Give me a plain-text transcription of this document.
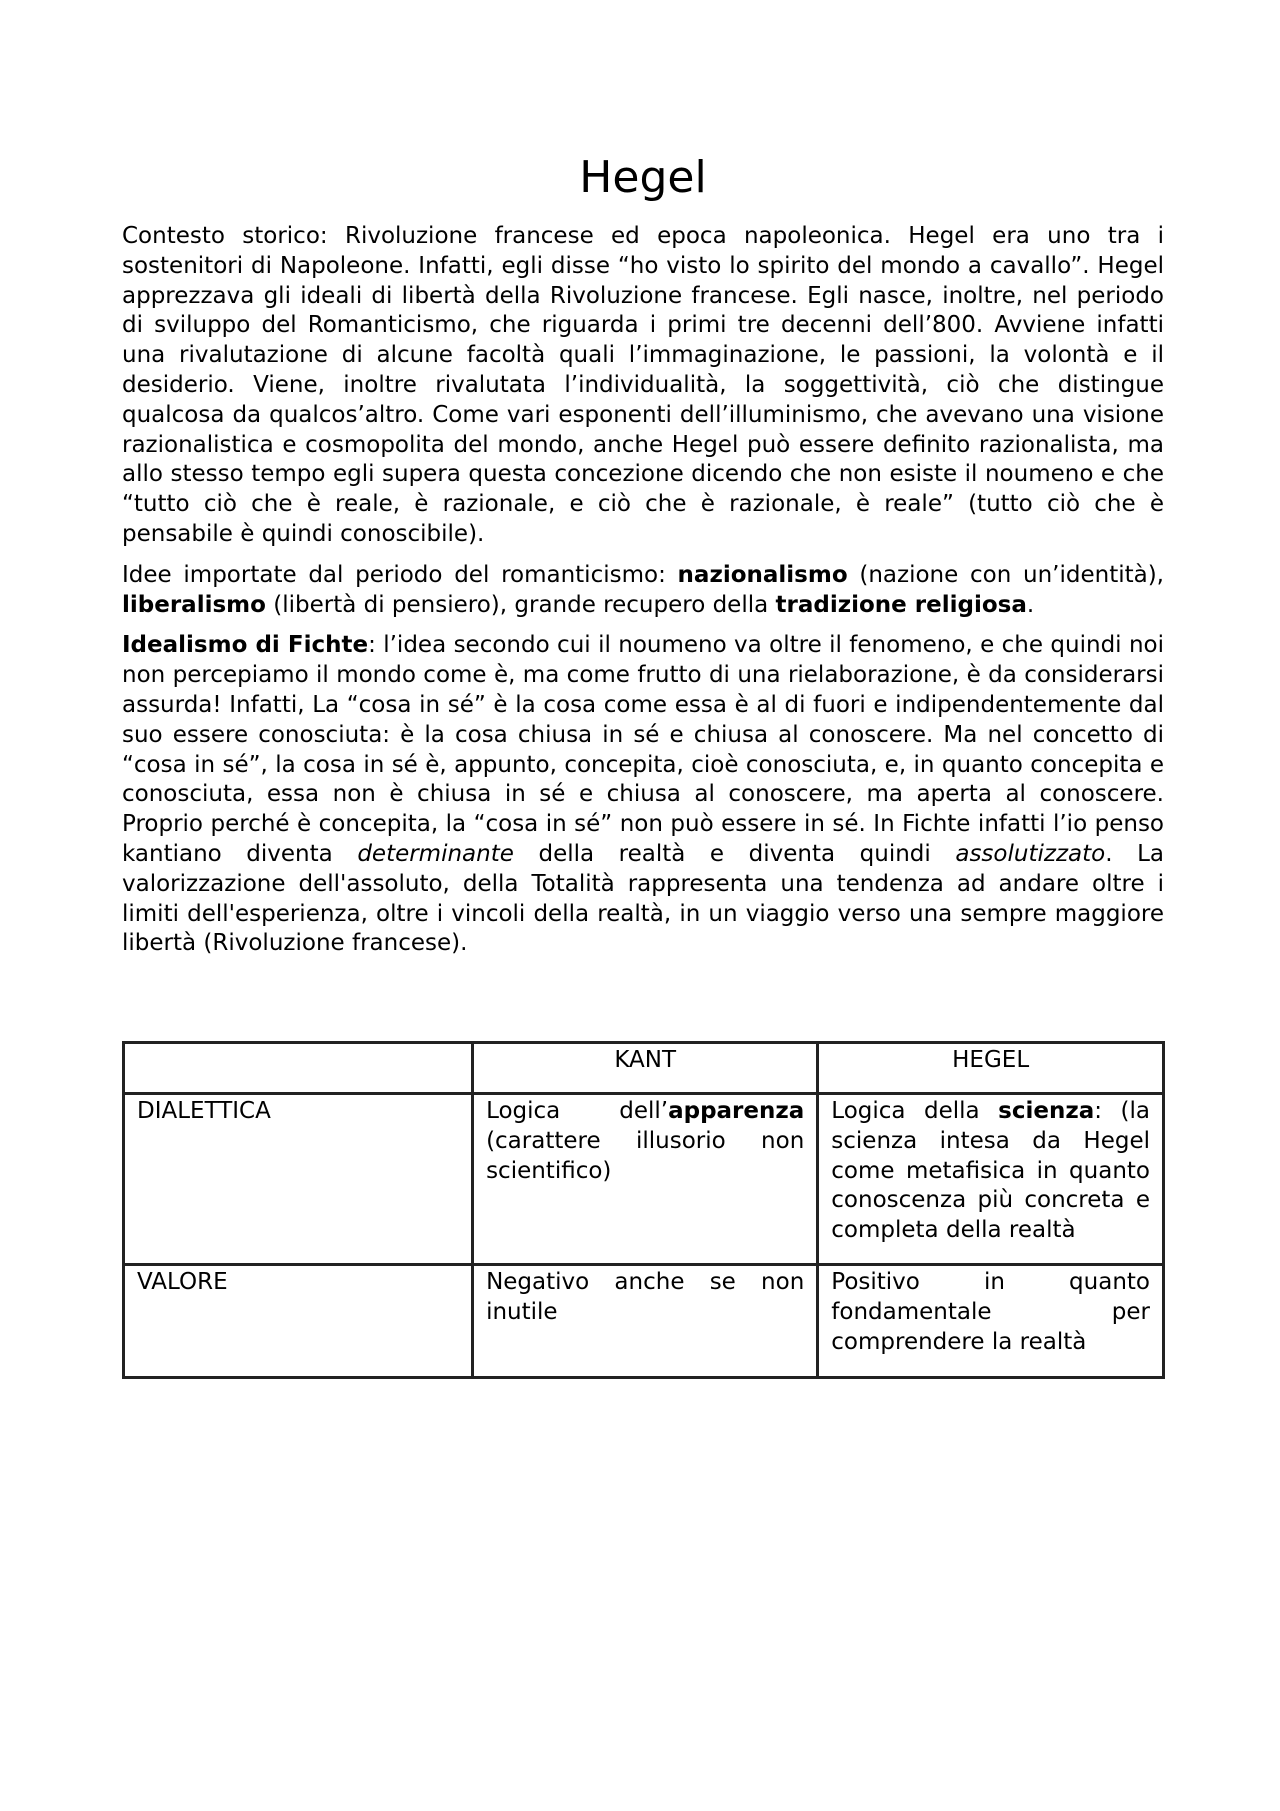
Hegel

Contesto storico: Rivoluzione francese ed epoca napoleonica. Hegel era uno tra i sostenitori di Napoleone. Infatti, egli disse “ho visto lo spirito del mondo a cavallo”. Hegel apprezzava gli ideali di libertà della Rivoluzione francese. Egli nasce, inoltre, nel periodo di sviluppo del Romanticismo, che riguarda i primi tre decenni dell’800. Avviene infatti una rivalutazione di alcune facoltà quali l’immaginazione, le passioni, la volontà e il desiderio. Viene, inoltre rivalutata l’individualità, la soggettività, ciò che distingue qualcosa da qualcos’altro. Come vari esponenti dell’illuminismo, che avevano una visione razionalistica e cosmopolita del mondo, anche Hegel può essere definito razionalista, ma allo stesso tempo egli supera questa concezione dicendo che non esiste il noumeno e che “tutto ciò che è reale, è razionale, e ciò che è razionale, è reale” (tutto ciò che è pensabile è quindi conoscibile).

Idee importate dal periodo del romanticismo: nazionalismo (nazione con un’identità), liberalismo (libertà di pensiero), grande recupero della tradizione religiosa.

Idealismo di Fichte: l’idea secondo cui il noumeno va oltre il fenomeno, e che quindi noi non percepiamo il mondo come è, ma come frutto di una rielaborazione, è da considerarsi assurda! Infatti, La “cosa in sé” è la cosa come essa è al di fuori e indipendentemente dal suo essere conosciuta: è la cosa chiusa in sé e chiusa al conoscere. Ma nel concetto di “cosa in sé”, la cosa in sé è, appunto, concepita, cioè conosciuta, e, in quanto concepita e conosciuta, essa non è chiusa in sé e chiusa al conoscere, ma aperta al conoscere. Proprio perché è concepita, la “cosa in sé” non può essere in sé. In Fichte infatti l’io penso kantiano diventa determinante della realtà e diventa quindi assolutizzato. La valorizzazione dell'assoluto, della Totalità rappresenta una tendenza ad andare oltre i limiti dell'esperienza, oltre i vincoli della realtà, in un viaggio verso una sempre maggiore libertà (Rivoluzione francese).

	KANT	HEGEL
DIALETTICA	Logica dell’apparenza (carattere illusorio non scientifico)	Logica della scienza: (la scienza intesa da Hegel come metafisica in quanto conoscenza più concreta e completa della realtà
VALORE	Negativo anche se non inutile	Positivo in quanto fondamentale per comprendere la realtà
